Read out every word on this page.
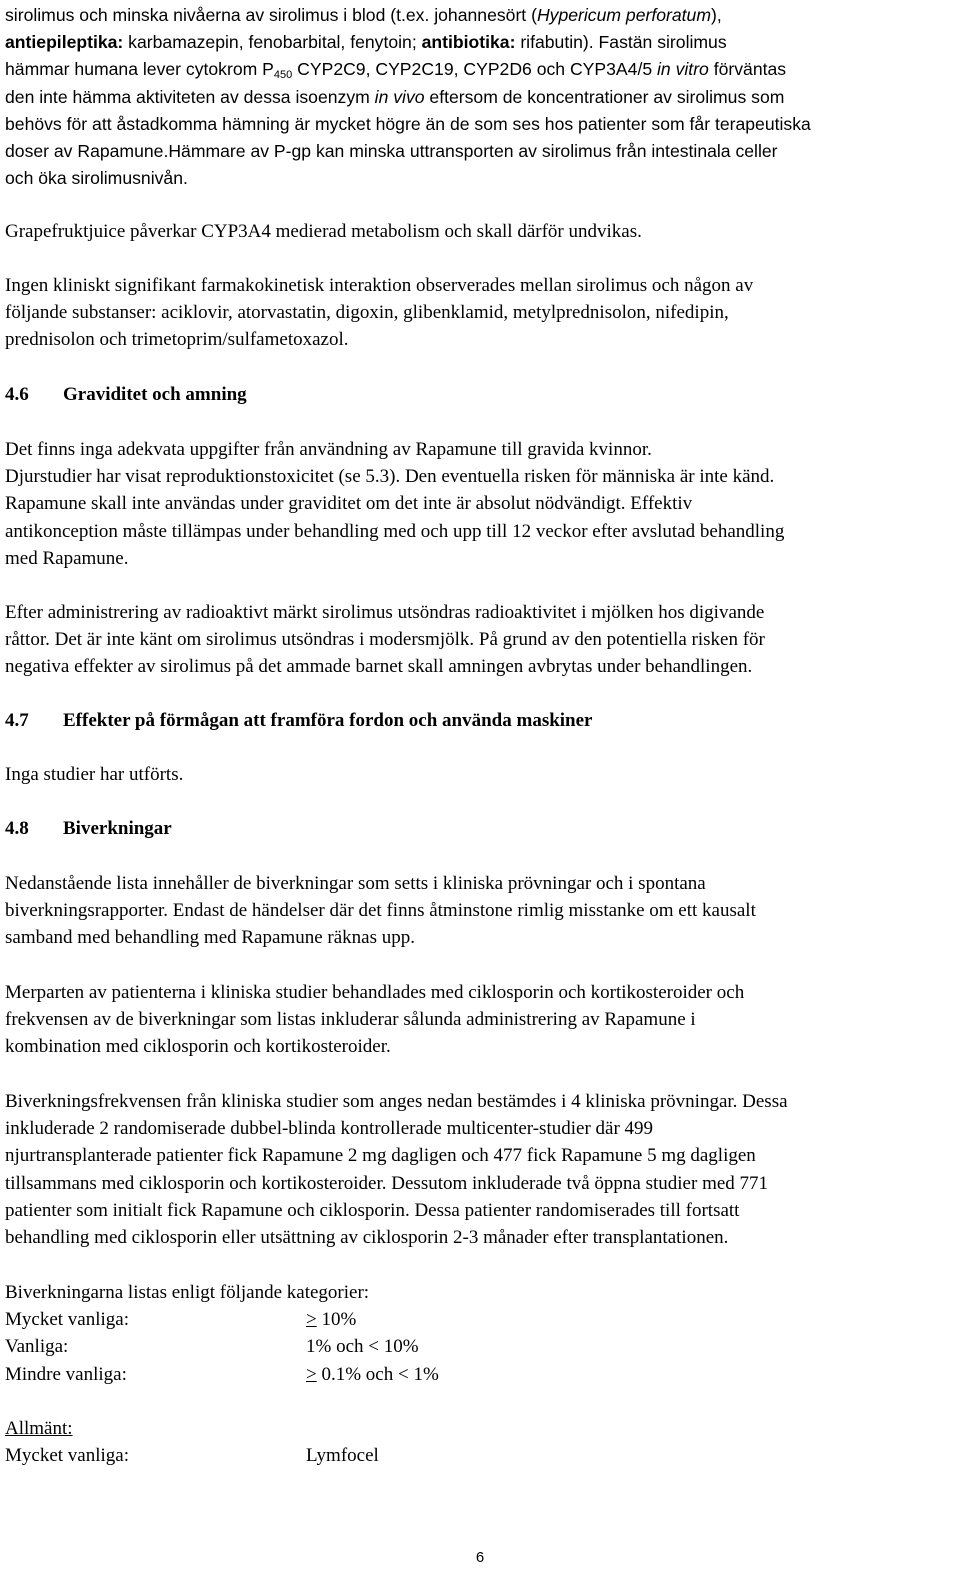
sirolimus och minska nivåerna av sirolimus i blod (t.ex. johannesört (Hypericum perforatum),
antiepileptika: karbamazepin, fenobarbital, fenytoin; antibiotika: rifabutin). Fastän sirolimus
hämmar humana lever cytokrom $P_{450}$ CYP2C9, CYP2C19, CYP2D6 och CYP3A4/5 in vitro förväntas
den inte hämma aktiviteten av dessa isoenzym in vivo eftersom de koncentrationer av sirolimus som
behövs för att åstadkomma hämning är mycket högre än de som ses hos patienter som får terapeutiska
doser av Rapamune.Hämmare av P-gp kan minska uttransporten av sirolimus från intestinala celler
och öka sirolimusnivån.
Grapefruktjuice påverkar CYP3A4 medierad metabolism och skall därför undvikas.
Ingen kliniskt signifikant farmakokinetisk interaktion observerades mellan sirolimus och någon av
följande substanser: aciklovir, atorvastatin, digoxin, glibenklamid, metylprednisolon, nifedipin,
prednisolon och trimetoprim/sulfametoxazol.
4.6 Graviditet och amning
Det finns inga adekvata uppgifter från användning av Rapamune till gravida kvinnor.
Djurstudier har visat reproduktionstoxicitet (se 5.3). Den eventuella risken för människa är inte känd.
Rapamune skall inte användas under graviditet om det inte är absolut nödvändigt. Effektiv
antikonception måste tillämpas under behandling med och upp till 12 veckor efter avslutad behandling
med Rapamune.
Efter administrering av radioaktivt märkt sirolimus utsöndras radioaktivitet i mjölken hos digivande
råttor. Det är inte känt om sirolimus utsöndras i modersmjölk. På grund av den potentiella risken för
negativa effekter av sirolimus på det ammade barnet skall amningen avbrytas under behandlingen.
4.7 Effekter på förmågan att framföra fordon och använda maskiner
Inga studier har utförts.
4.8 Biverkningar
Nedanstående lista innehåller de biverkningar som setts i kliniska prövningar och i spontana
biverkningsrapporter. Endast de händelser där det finns åtminstone rimlig misstanke om ett kausalt
samband med behandling med Rapamune räknas upp.
Merparten av patienterna i kliniska studier behandlades med ciklosporin och kortikosteroider och
frekvensen av de biverkningar som listas inkluderar sålunda administrering av Rapamune i
kombination med ciklosporin och kortikosteroider.
Biverkningsfrekvensen från kliniska studier som anges nedan bestämdes i 4 kliniska prövningar. Dessa
inkluderade 2 randomiserade dubbel-blinda kontrollerade multicenter-studier där 499
njurtransplanterade patienter fick Rapamune 2 mg dagligen och 477 fick Rapamune 5 mg dagligen
tillsammans med ciklosporin och kortikosteroider. Dessutom inkluderade två öppna studier med 771
patienter som initialt fick Rapamune och ciklosporin. Dessa patienter randomiserades till fortsatt
behandling med ciklosporin eller utsättning av ciklosporin 2-3 månader efter transplantationen.
Biverkningarna listas enligt följande kategorier:
Mycket vanliga:	> 10%
Vanliga:	1% och < 10%
Mindre vanliga:	> 0.1% och < 1%
Allmänt:
Mycket vanliga:	Lymfocel
6
